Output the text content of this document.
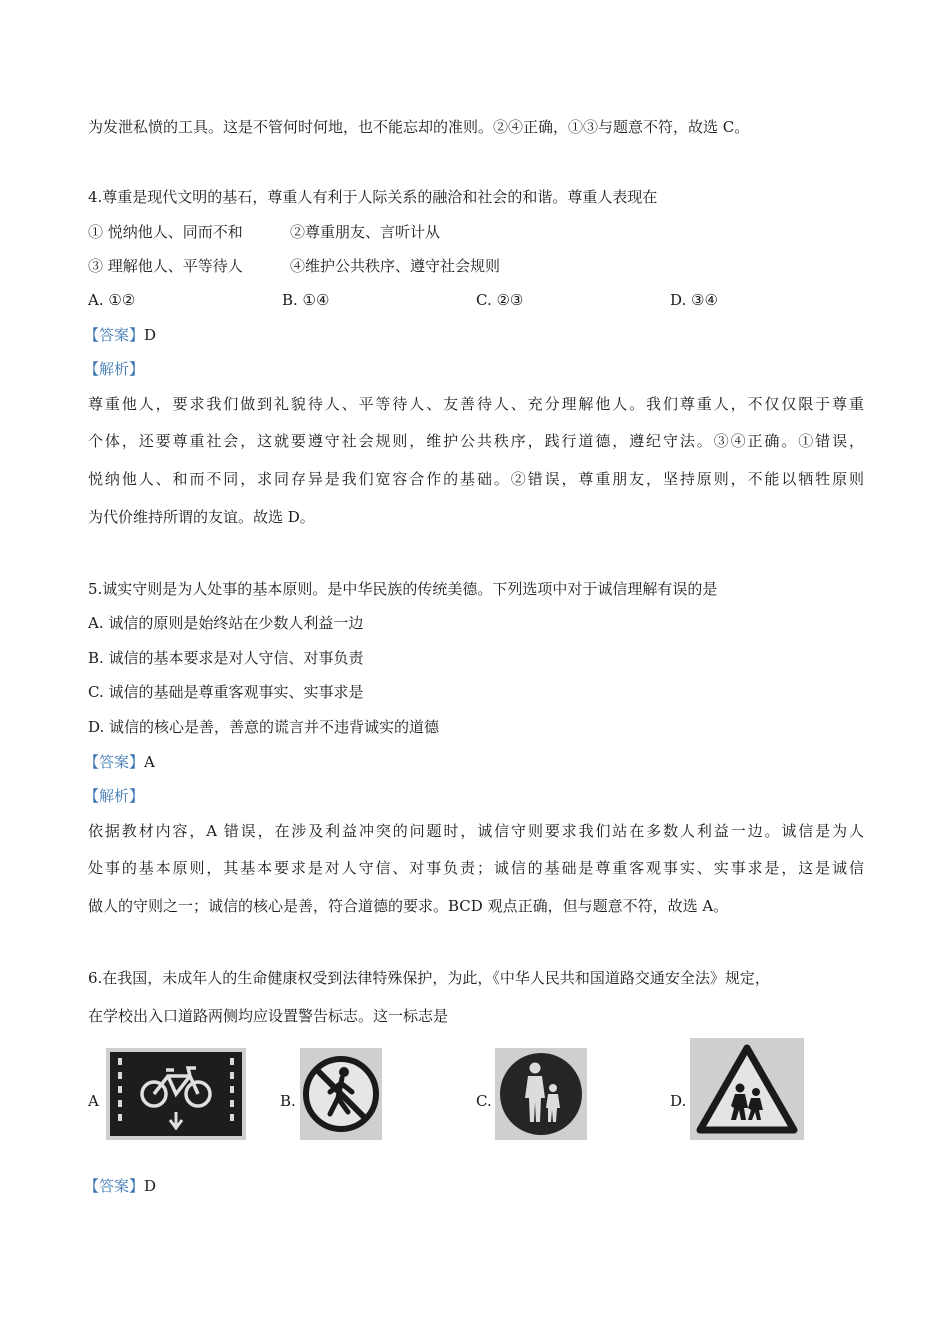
为发泄私愤的工具。这是不管何时何地，也不能忘却的准则。②④正确，①③与题意不符，故选 C。
4.尊重是现代文明的基石，尊重人有利于人际关系的融洽和社会的和谐。尊重人表现在
① 悦纳他人、同而不和	②尊重朋友、言听计从
③ 理解他人、平等待人	④维护公共秩序、遵守社会规则
A. ①②	B. ①④	C. ②③	D. ③④
【答案】D
【解析】
尊重他人，要求我们做到礼貌待人、平等待人、友善待人、充分理解他人。我们尊重人，不仅仅限于尊重
个体，还要尊重社会，这就要遵守社会规则，维护公共秩序，践行道德，遵纪守法。③④正确。①错误，
悦纳他人、和而不同，求同存异是我们宽容合作的基础。②错误，尊重朋友，坚持原则，不能以牺牲原则
为代价维持所谓的友谊。故选 D。
5.诚实守则是为人处事的基本原则。是中华民族的传统美德。下列选项中对于诚信理解有误的是
A. 诚信的原则是始终站在少数人利益一边
B. 诚信的基本要求是对人守信、对事负责
C. 诚信的基础是尊重客观事实、实事求是
D. 诚信的核心是善，善意的谎言并不违背诚实的道德
【答案】A
【解析】
依据教材内容，A 错误，在涉及利益冲突的问题时，诚信守则要求我们站在多数人利益一边。诚信是为人
处事的基本原则，其基本要求是对人守信、对事负责；诚信的基础是尊重客观事实、实事求是，这是诚信
做人的守则之一；诚信的核心是善，符合道德的要求。BCD 观点正确，但与题意不符，故选 A。
6.在我国，未成年人的生命健康权受到法律特殊保护，为此，《中华人民共和国道路交通安全法》规定，
在学校出入口道路两侧均应设置警告标志。这一标志是
A	B.	C.	D.
【答案】D
